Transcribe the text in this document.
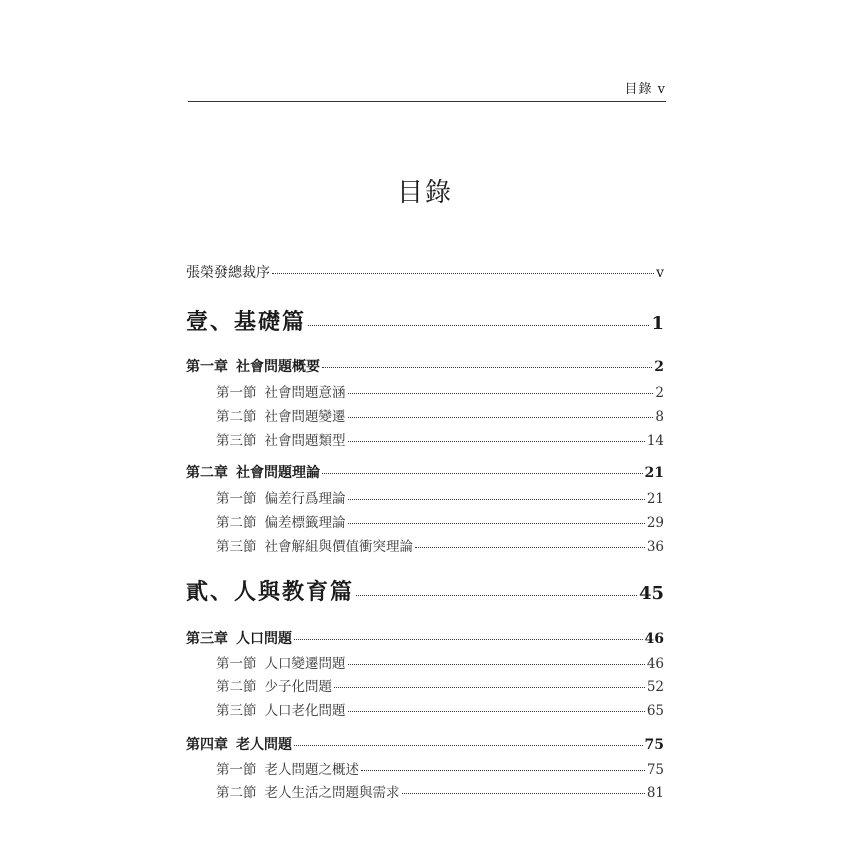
目錄 v
目錄
張榮發總裁序	v
壹、基礎篇	1
第一章 社會問題概要	2
第一節 社會問題意涵	2
第二節 社會問題變遷	8
第三節 社會問題類型	14
第二章 社會問題理論	21
第一節 偏差行爲理論	21
第二節 偏差標籤理論	29
第三節 社會解組與價值衝突理論	36
貳、人與教育篇	45
第三章 人口問題	46
第一節 人口變遷問題	46
第二節 少子化問題	52
第三節 人口老化問題	65
第四章 老人問題	75
第一節 老人問題之概述	75
第二節 老人生活之問題與需求	81
